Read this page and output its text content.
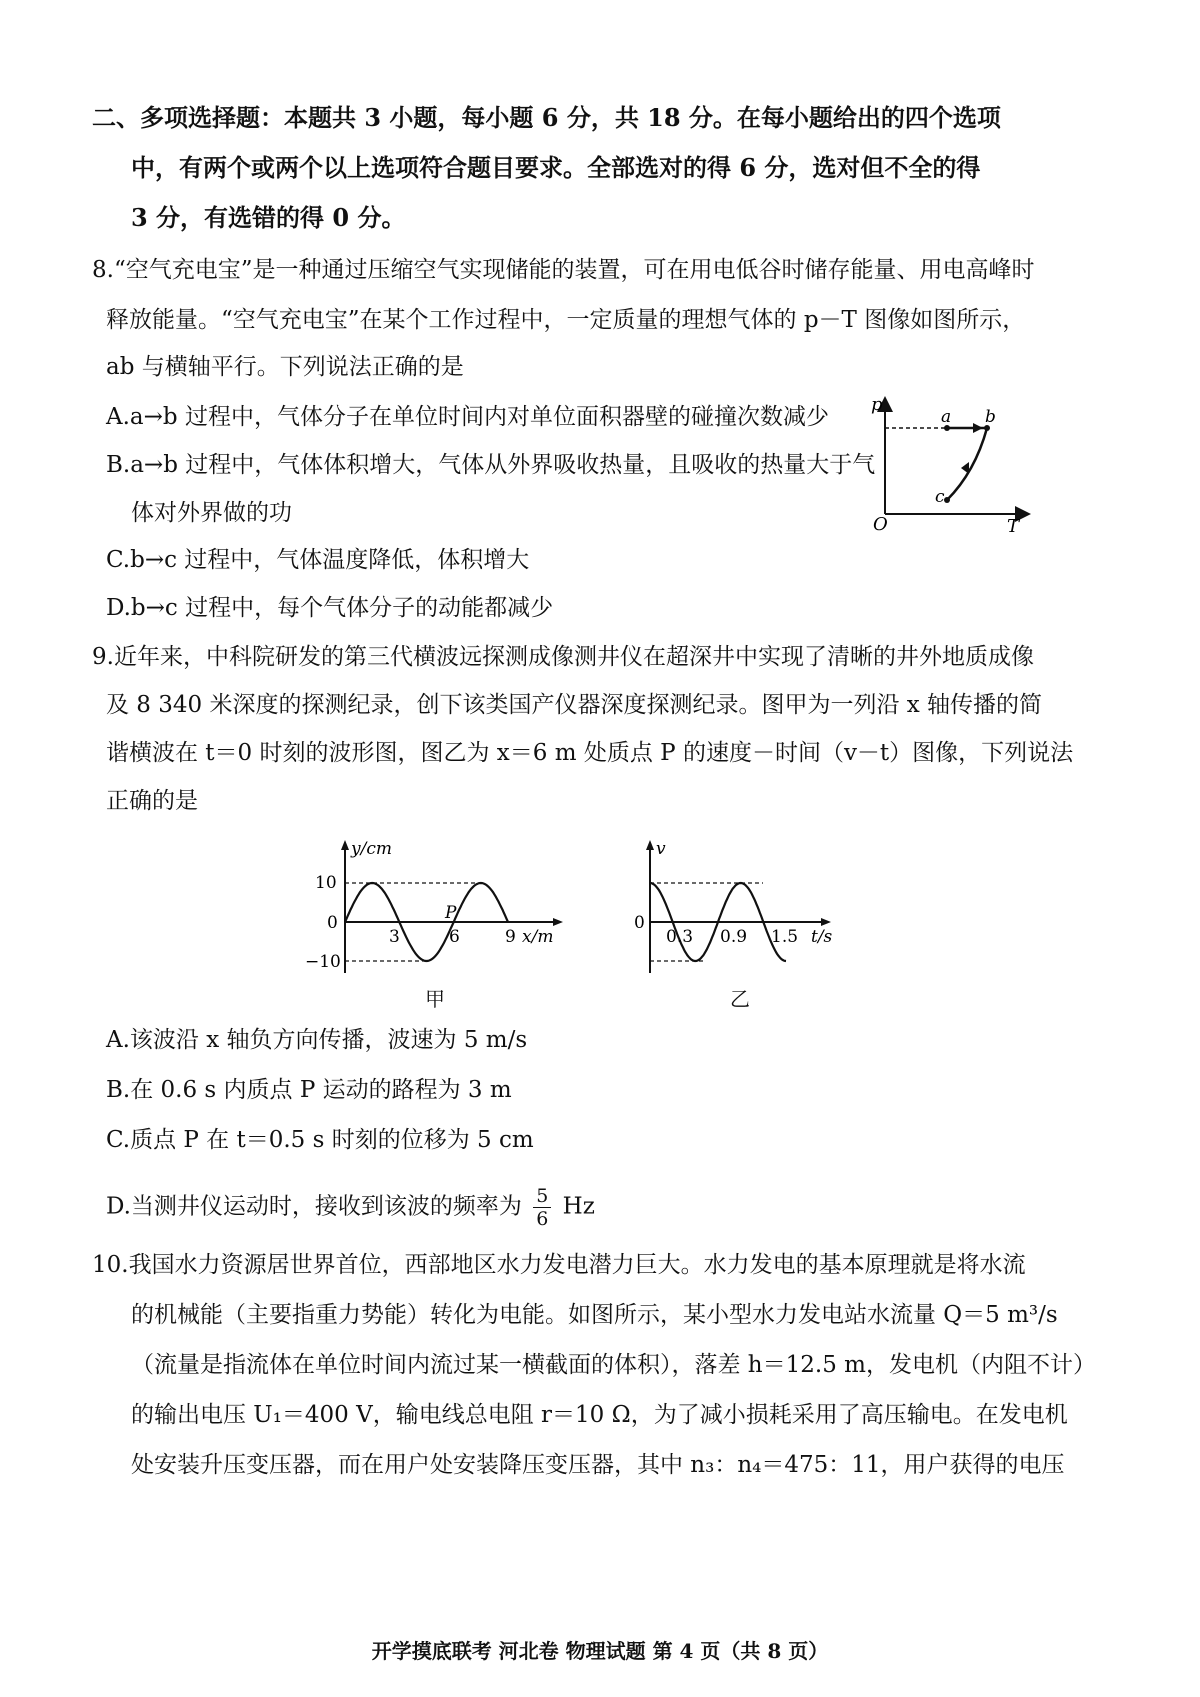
二、多项选择题：本题共 3 小题，每小题 6 分，共 18 分。在每小题给出的四个选项
中，有两个或两个以上选项符合题目要求。全部选对的得 6 分，选对但不全的得
3 分，有选错的得 0 分。
8.“空气充电宝”是一种通过压缩空气实现储能的装置，可在用电低谷时储存能量、用电高峰时
释放能量。“空气充电宝”在某个工作过程中，一定质量的理想气体的 p－T 图像如图所示，
ab 与横轴平行。下列说法正确的是
A.a→b 过程中，气体分子在单位时间内对单位面积器壁的碰撞次数减少
B.a→b 过程中，气体体积增大，气体从外界吸收热量，且吸收的热量大于气
体对外界做的功
C.b→c 过程中，气体温度降低，体积增大
D.b→c 过程中，每个气体分子的动能都减少
p
T
O
a b
c
9.近年来，中科院研发的第三代横波远探测成像测井仪在超深井中实现了清晰的井外地质成像
及 8 340 米深度的探测纪录，创下该类国产仪器深度探测纪录。图甲为一列沿 x 轴传播的简
谐横波在 t＝0 时刻的波形图，图乙为 x＝6 m 处质点 P 的速度－时间（v－t）图像，下列说法
正确的是
10
0
−10
y/cm
x/m
3	6	9
P
甲
v
0
0.3 0.9 1.5 t/s
乙
A.该波沿 x 轴负方向传播，波速为 5 m/s
B.在 0.6 s 内质点 P 运动的路程为 3 m
C.质点 P 在 t＝0.5 s 时刻的位移为 5 cm
D.当测井仪运动时，接收到该波的频率为 $\frac{5}{6}$ Hz
10.我国水力资源居世界首位，西部地区水力发电潜力巨大。水力发电的基本原理就是将水流
的机械能（主要指重力势能）转化为电能。如图所示，某小型水力发电站水流量 Q＝5 m³/s
（流量是指流体在单位时间内流过某一横截面的体积），落差 h＝12.5 m，发电机（内阻不计）
的输出电压 U₁＝400 V，输电线总电阻 r＝10 Ω，为了减小损耗采用了高压输电。在发电机
处安装升压变压器，而在用户处安装降压变压器，其中 n₃：n₄＝475：11，用户获得的电压
开学摸底联考 河北卷 物理试题 第 4 页（共 8 页）
